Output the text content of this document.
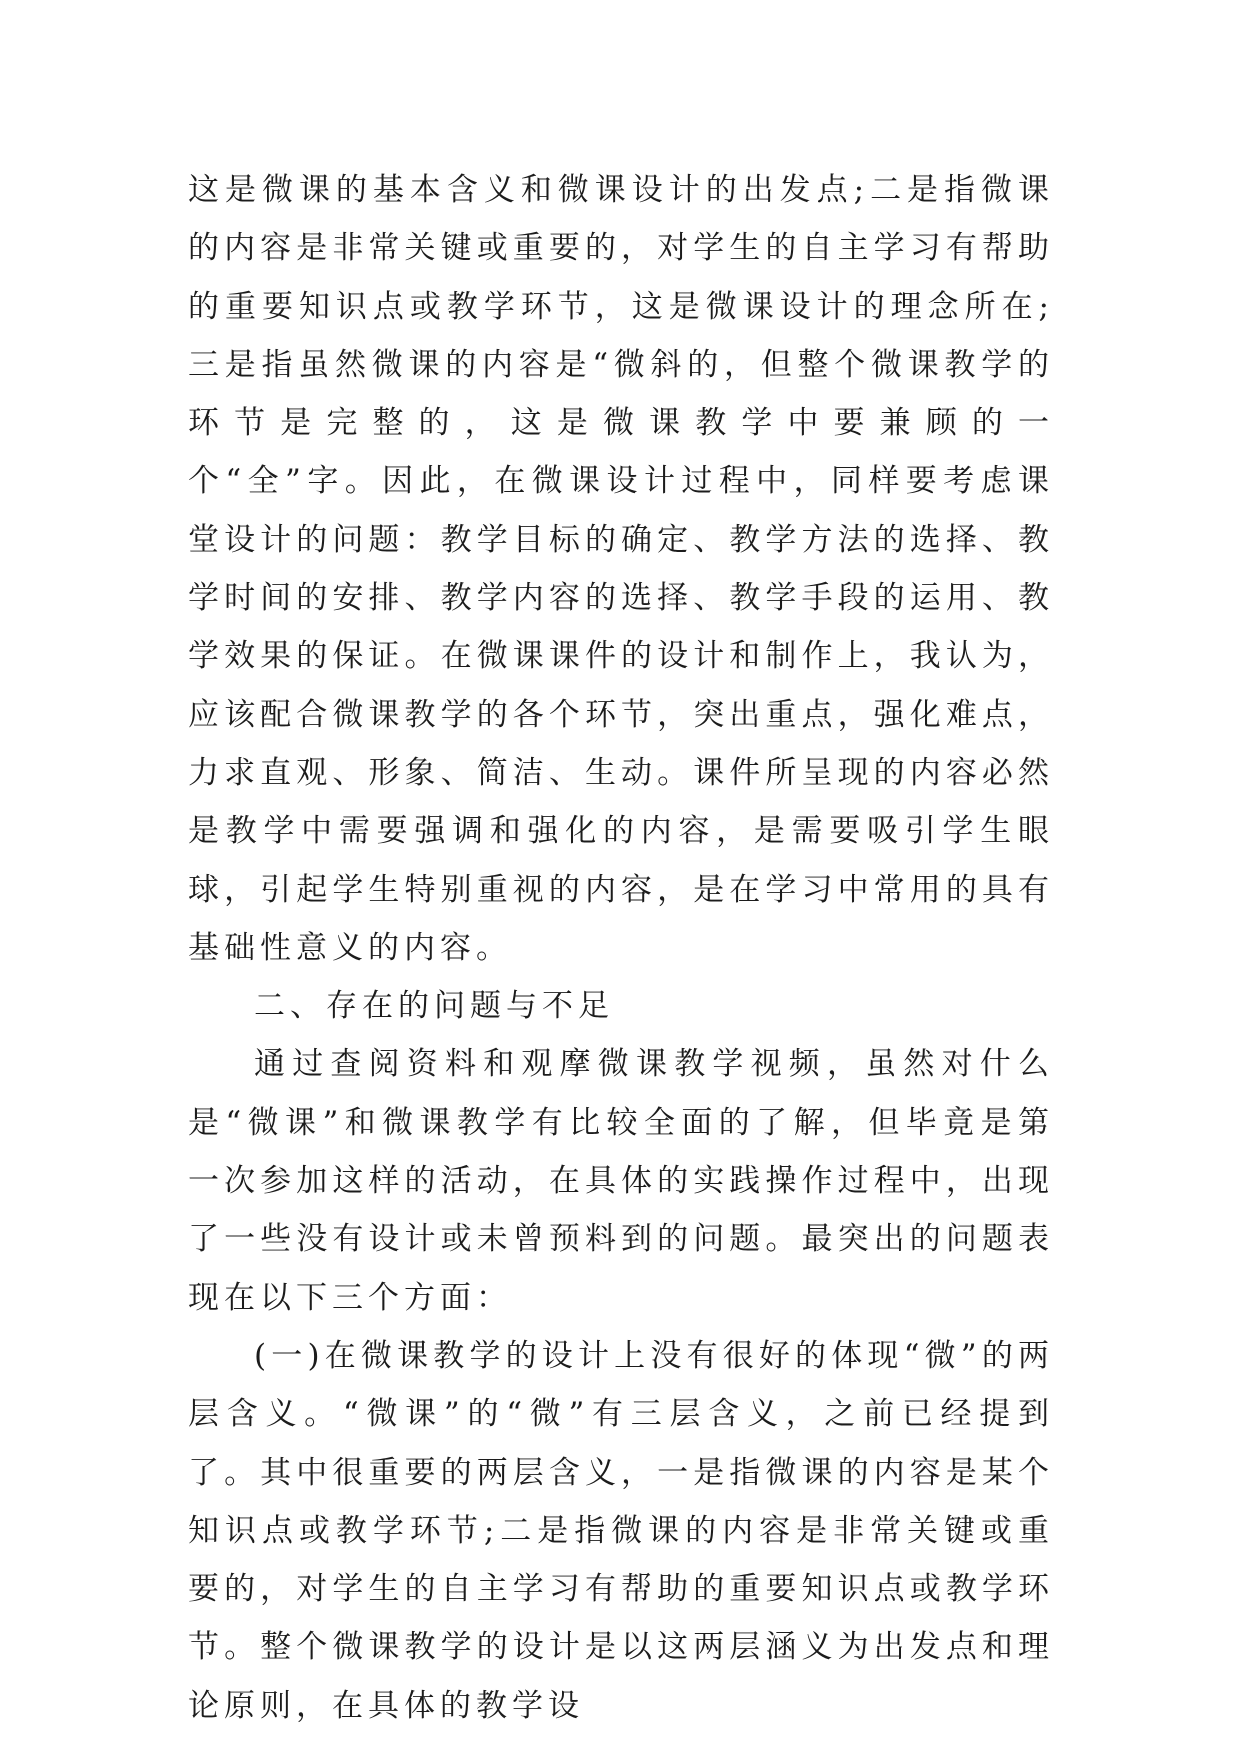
这是微课的基本含义和微课设计的出发点;二是指微课的内容是非常关键或重要的，对学生的自主学习有帮助的重要知识点或教学环节，这是微课设计的理念所在;三是指虽然微课的内容是“微斜的，但整个微课教学的环节是完整的，这是微课教学中要兼顾的一个“全”字。因此，在微课设计过程中，同样要考虑课堂设计的问题：教学目标的确定、教学方法的选择、教学时间的安排、教学内容的选择、教学手段的运用、教学效果的保证。在微课课件的设计和制作上，我认为，应该配合微课教学的各个环节，突出重点，强化难点，力求直观、形象、简洁、生动。课件所呈现的内容必然是教学中需要强调和强化的内容，是需要吸引学生眼球，引起学生特别重视的内容，是在学习中常用的具有基础性意义的内容。

二、存在的问题与不足

通过查阅资料和观摩微课教学视频，虽然对什么是“微课”和微课教学有比较全面的了解，但毕竟是第一次参加这样的活动，在具体的实践操作过程中，出现了一些没有设计或未曾预料到的问题。最突出的问题表现在以下三个方面：

(一)在微课教学的设计上没有很好的体现“微”的两层含义。“微课”的“微”有三层含义，之前已经提到了。其中很重要的两层含义，一是指微课的内容是某个知识点或教学环节;二是指微课的内容是非常关键或重要的，对学生的自主学习有帮助的重要知识点或教学环节。整个微课教学的设计是以这两层涵义为出发点和理论原则，在具体的教学设
